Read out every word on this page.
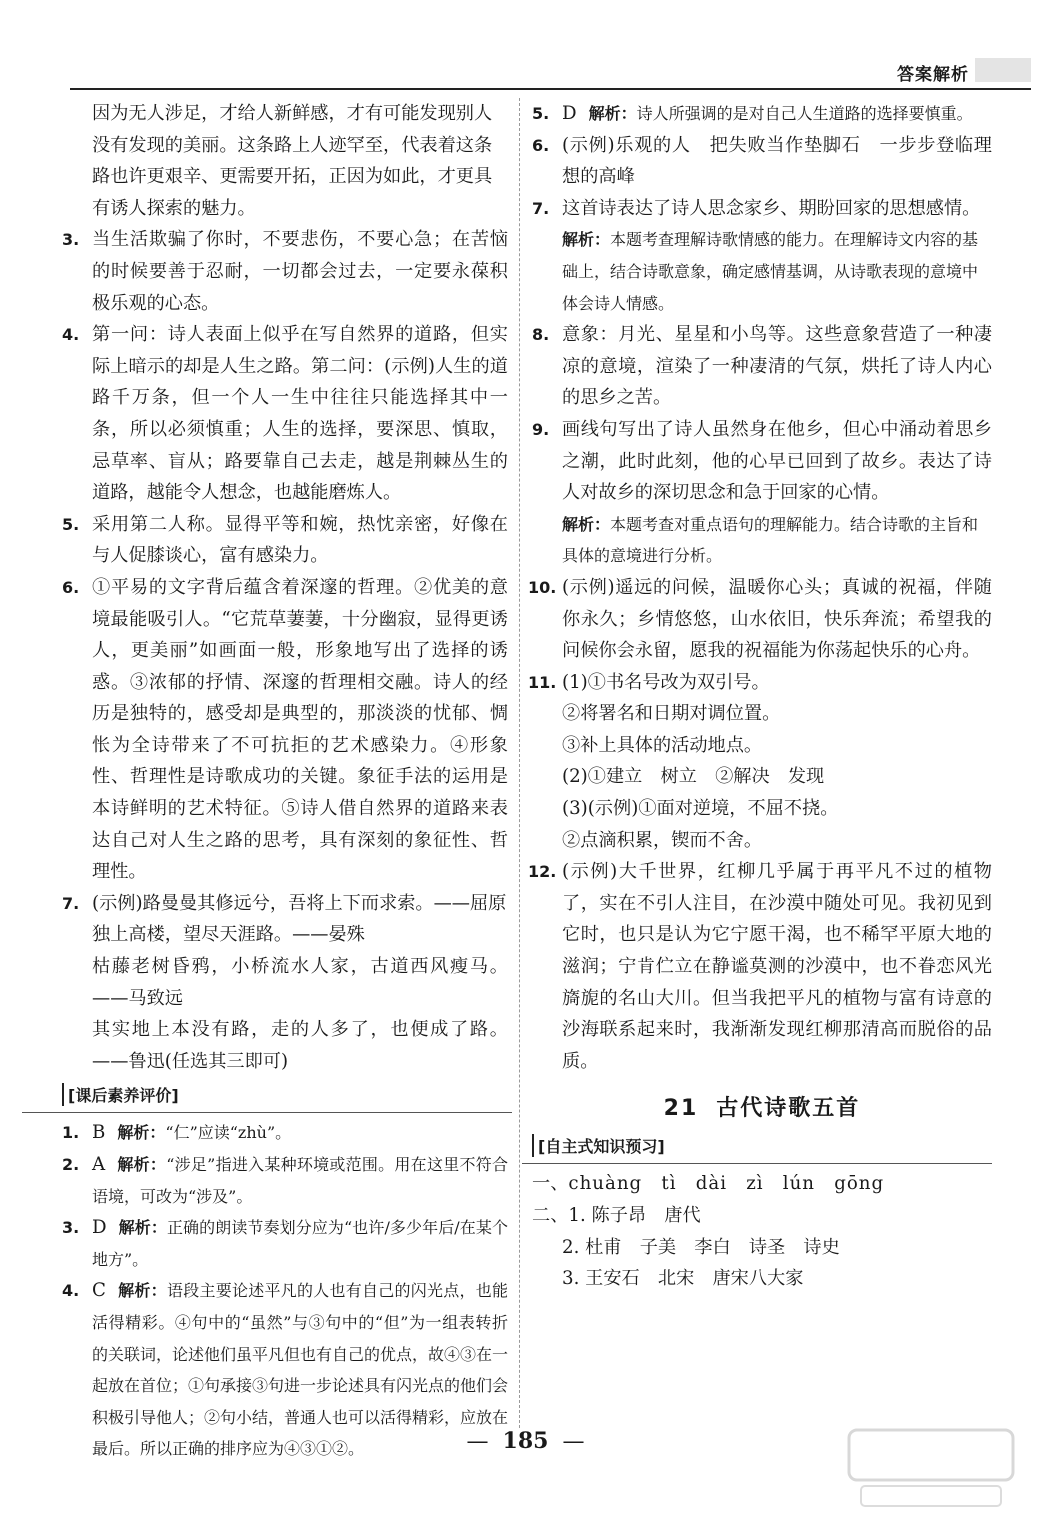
答案解析

因为无人涉足，才给人新鲜感，才有可能发现别人没有发现的美丽。这条路上人迹罕至，代表着这条路也许更艰辛、更需要开拓，正因为如此，才更具有诱人探索的魅力。

3. 当生活欺骗了你时，不要悲伤，不要心急；在苦恼的时候要善于忍耐，一切都会过去，一定要永葆积极乐观的心态。
4. 第一问：诗人表面上似乎在写自然界的道路，但实际上暗示的却是人生之路。第二问：(示例)人生的道路千万条，但一个人一生中往往只能选择其中一条，所以必须慎重；人生的选择，要深思、慎取，忌草率、盲从；路要靠自己去走，越是荆棘丛生的道路，越能令人想念，也越能磨炼人。
5. 采用第二人称。显得平等和婉，热忱亲密，好像在与人促膝谈心，富有感染力。
6. ①平易的文字背后蕴含着深邃的哲理。②优美的意境最能吸引人。“它荒草萋萋，十分幽寂，显得更诱人，更美丽”如画面一般，形象地写出了选择的诱惑。③浓郁的抒情、深邃的哲理相交融。诗人的经历是独特的，感受却是典型的，那淡淡的忧郁、惆怅为全诗带来了不可抗拒的艺术感染力。④形象性、哲理性是诗歌成功的关键。象征手法的运用是本诗鲜明的艺术特征。⑤诗人借自然界的道路来表达自己对人生之路的思考，具有深刻的象征性、哲理性。
7. (示例)路曼曼其修远兮，吾将上下而求索。——屈原
独上高楼，望尽天涯路。——晏殊
枯藤老树昏鸦，小桥流水人家，古道西风瘦马。——马致远
其实地上本没有路，走的人多了，也便成了路。——鲁迅(任选其三即可)
[课后素养评价]
1. B 解析：“仁”应读“zhù”。
2. A 解析：“涉足”指进入某种环境或范围。用在这里不符合语境，可改为“涉及”。
3. D 解析：正确的朗读节奏划分应为“也许/多少年后/在某个地方”。
4. C 解析：语段主要论述平凡的人也有自己的闪光点，也能活得精彩。④句中的“虽然”与③句中的“但”为一组表转折的关联词，论述他们虽平凡但也有自己的优点，故④③在一起放在首位；①句承接③句进一步论述具有闪光点的他们会积极引导他人；②句小结，普通人也可以活得精彩，应放在最后。所以正确的排序应为④③①②。
5. D 解析：诗人所强调的是对自己人生道路的选择要慎重。
6. (示例)乐观的人　把失败当作垫脚石　一步步登临理想的高峰
7. 这首诗表达了诗人思念家乡、期盼回家的思想感情。

解析：本题考查理解诗歌情感的能力。在理解诗文内容的基础上，结合诗歌意象，确定感情基调，从诗歌表现的意境中体会诗人情感。

8. 意象：月光、星星和小鸟等。这些意象营造了一种凄凉的意境，渲染了一种凄清的气氛，烘托了诗人内心的思乡之苦。
9. 画线句写出了诗人虽然身在他乡，但心中涌动着思乡之潮，此时此刻，他的心早已回到了故乡。表达了诗人对故乡的深切思念和急于回家的心情。

解析：本题考查对重点语句的理解能力。结合诗歌的主旨和具体的意境进行分析。

10. (示例)遥远的问候，温暖你心头；真诚的祝福，伴随你永久；乡情悠悠，山水依旧，快乐奔流；希望我的问候你会永留，愿我的祝福能为你荡起快乐的心舟。
11. (1)①书名号改为双引号。
②将署名和日期对调位置。
③补上具体的活动地点。
(2)①建立　树立　②解决　发现
(3)(示例)①面对逆境，不屈不挠。
②点滴积累，锲而不舍。
12. (示例)大千世界，红柳几乎属于再平凡不过的植物了，实在不引人注目，在沙漠中随处可见。我初见到它时，也只是认为它宁愿干渴，也不稀罕平原大地的滋润；宁肯伫立在静谧莫测的沙漠中，也不眷恋风光旖旎的名山大川。但当我把平凡的植物与富有诗意的沙海联系起来时，我渐渐发现红柳那清高而脱俗的品质。
21 古代诗歌五首
[自主式知识预习]

一、chuàng　tì　dài　zì　lún　gōng

二、1. 陈子昂　唐代

2. 杜甫　子美　李白　诗圣　诗史

3. 王安石　北宋　唐宋八大家

— 185 —
